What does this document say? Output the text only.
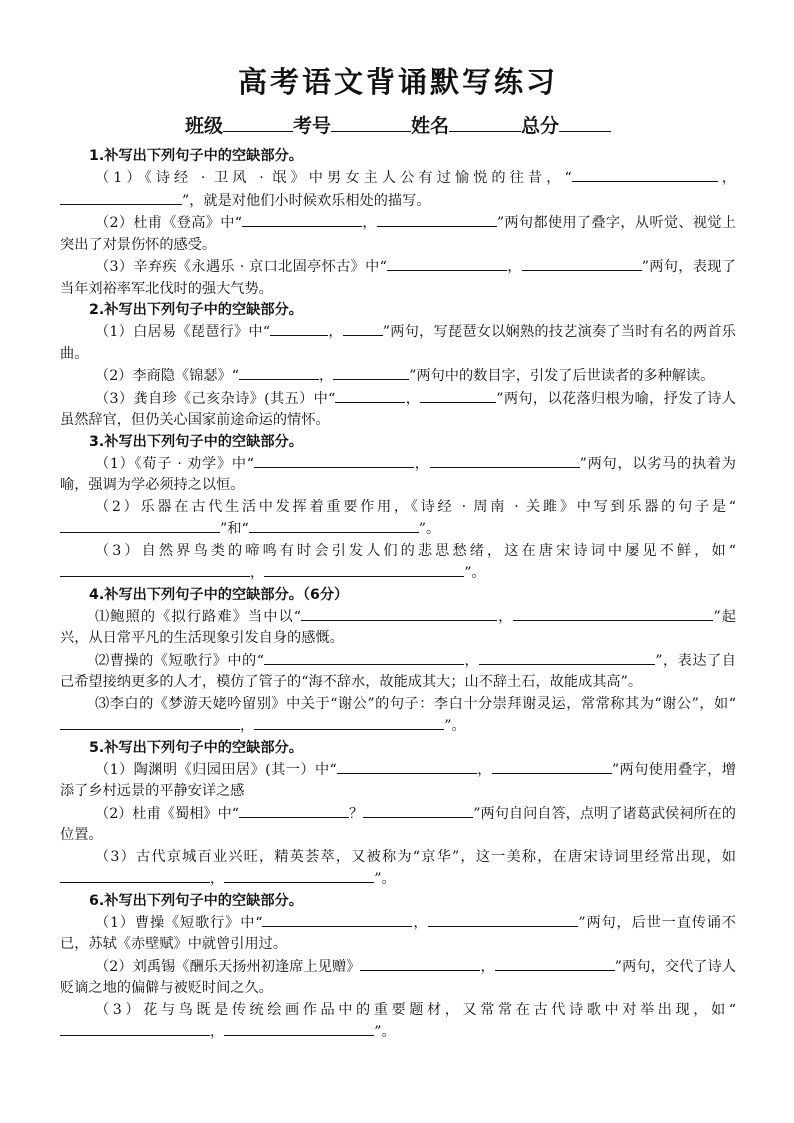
高考语文背诵默写练习
班级	考号	姓名	总分
1.补写出下列句子中的空缺部分。

（1）《诗经 · 卫风 · 氓》中男女主人公有过愉悦的往昔，“	，”，就是对他们小时候欢乐相处的描写。

（2）杜甫《登高》中“	，	”两句都使用了叠字，从听觉、视觉上突出了对景伤怀的感受。

（3）辛弃疾《永遇乐 · 京口北固亭怀古》中“	，	”两句，表现了当年刘裕率军北伐时的强大气势。

2.补写出下列句子中的空缺部分。

（1）白居易《琵琶行》中“	，	”两句，写琵琶女以娴熟的技艺演奏了当时有名的两首乐曲。

（2）李商隐《锦瑟》“	，	”两句中的数目字，引发了后世读者的多种解读。

（3）龚自珍《己亥杂诗》(其五）中“	，	”两句，以花落归根为喻，抒发了诗人虽然辞官，但仍关心国家前途命运的情怀。

3.补写出下列句子中的空缺部分。

（1）《荀子 · 劝学》中“	，	”两句，以劣马的执着为喻，强调为学必须持之以恒。

（2）乐器在古代生活中发挥着重要作用，《诗经 · 周南 · 关雎》中写到乐器的句子是“”和“	”。

（3）自然界鸟类的啼鸣有时会引发人们的悲思愁绪，这在唐宋诗词中屡见不鲜，如“，	”。

4.补写出下列句子中的空缺部分。（6分）

⑴鲍照的《拟行路难》当中以“	，	”起兴，从日常平凡的生活现象引发自身的感慨。

⑵曹操的《短歌行》中的“	，	”，表达了自己希望接纳更多的人才，模仿了管子的“海不辞水，故能成其大；山不辞土石，故能成其高”。

⑶李白的《梦游天姥吟留别》中关于“谢公”的句子：李白十分崇拜谢灵运，常常称其为“谢公”，如“，	”。

5.补写出下列句子中的空缺部分。

（1）陶渊明《归园田居》(其一）中“	，	”两句使用叠字，增添了乡村远景的平静安详之感

（2）杜甫《蜀相》中“	？	”两句自问自答，点明了诸葛武侯祠所在的位置。

（3）古代京城百业兴旺，精英荟萃，又被称为“京华”，这一美称，在唐宋诗词里经常出现，如，	”。

6.补写出下列句子中的空缺部分。

（1）曹操《短歌行》中“	，	”两句，后世一直传诵不已，苏轼《赤壁赋》中就曾引用过。

（2）刘禹锡《酬乐天扬州初逢席上见赠》	，	”两句，交代了诗人贬谪之地的偏僻与被贬时间之久。

（3）花与鸟既是传统绘画作品中的重要题材，又常常在古代诗歌中对举出现，如“，	”。
